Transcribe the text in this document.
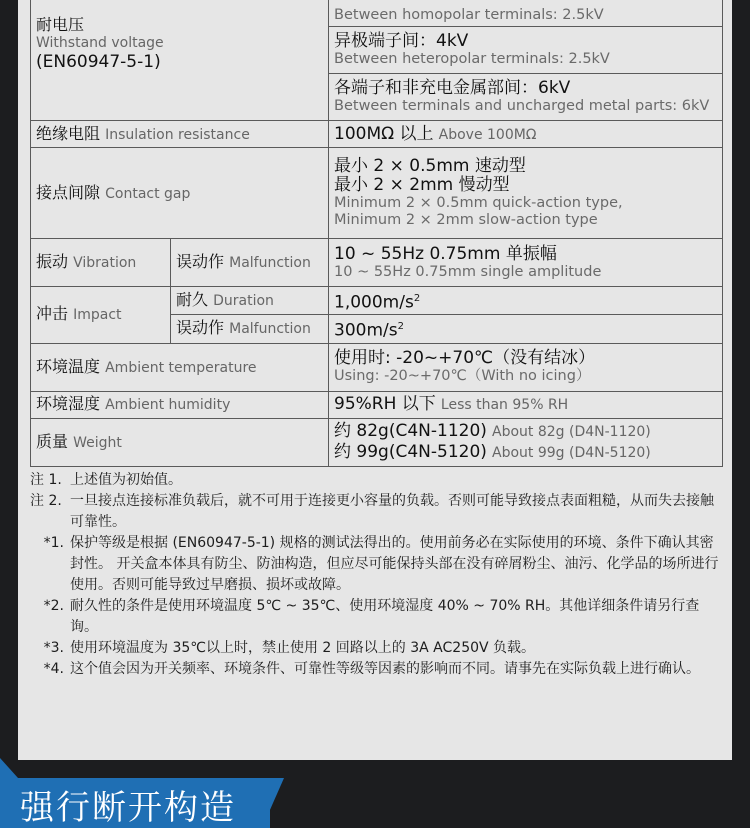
耐电压
Withstand voltage
(EN60947-5-1)		Between homopolar terminals: 2.5kV

		异极端子间：4kV
Between heteropolar terminals: 2.5kV

		各端子和非充电金属部间：6kV
Between terminals and uncharged metal parts: 6kV

绝缘电阻 Insulation resistance		100MΩ 以上 Above 100MΩ
接点间隙 Contact gap		最小 2 × 0.5mm 速动型
最小 2 × 2mm 慢动型
Minimum 2 × 0.5mm quick-action type,
Minimum 2 × 2mm slow-action type

振动 Vibration	误动作 Malfunction	10 ~ 55Hz 0.75mm 单振幅
10 ~ 55Hz 0.75mm single amplitude

冲击 Impact	耐久 Duration	$1,000m/s^2$
	误动作 Malfunction	$300m/s^2$
环境温度 Ambient temperature		使用时: -20~+70℃（没有结冰）
Using: -20~+70℃（With no icing）

环境湿度 Ambient humidity		95%RH 以下 Less than 95% RH
质量 Weight		约 82g(C4N-1120) About 82g (D4N-1120)
约 99g(C4N-5120) About 99g (D4N-5120)
注 1. 上述值为初始值。
注 2. 一旦接点连接标准负载后，就不可用于连接更小容量的负载。否则可能导致接点表面粗糙，从而失去接触可靠性。
*1. 保护等级是根据 (EN60947-5-1) 规格的测试法得出的。使用前务必在实际使用的环境、条件下确认其密封性。 开关盒本体具有防尘、防油构造，但应尽可能保持头部在没有碎屑粉尘、油污、化学品的场所进行使用。否则可能导致过早磨损、损坏或故障。
*2. 耐久性的条件是使用环境温度 5℃ ~ 35℃、使用环境湿度 40% ~ 70% RH。其他详细条件请另行查询。
*3. 使用环境温度为 35℃以上时，禁止使用 2 回路以上的 3A AC250V 负载。
*4. 这个值会因为开关频率、环境条件、可靠性等级等因素的影响而不同。请事先在实际负载上进行确认。
强行断开构造
